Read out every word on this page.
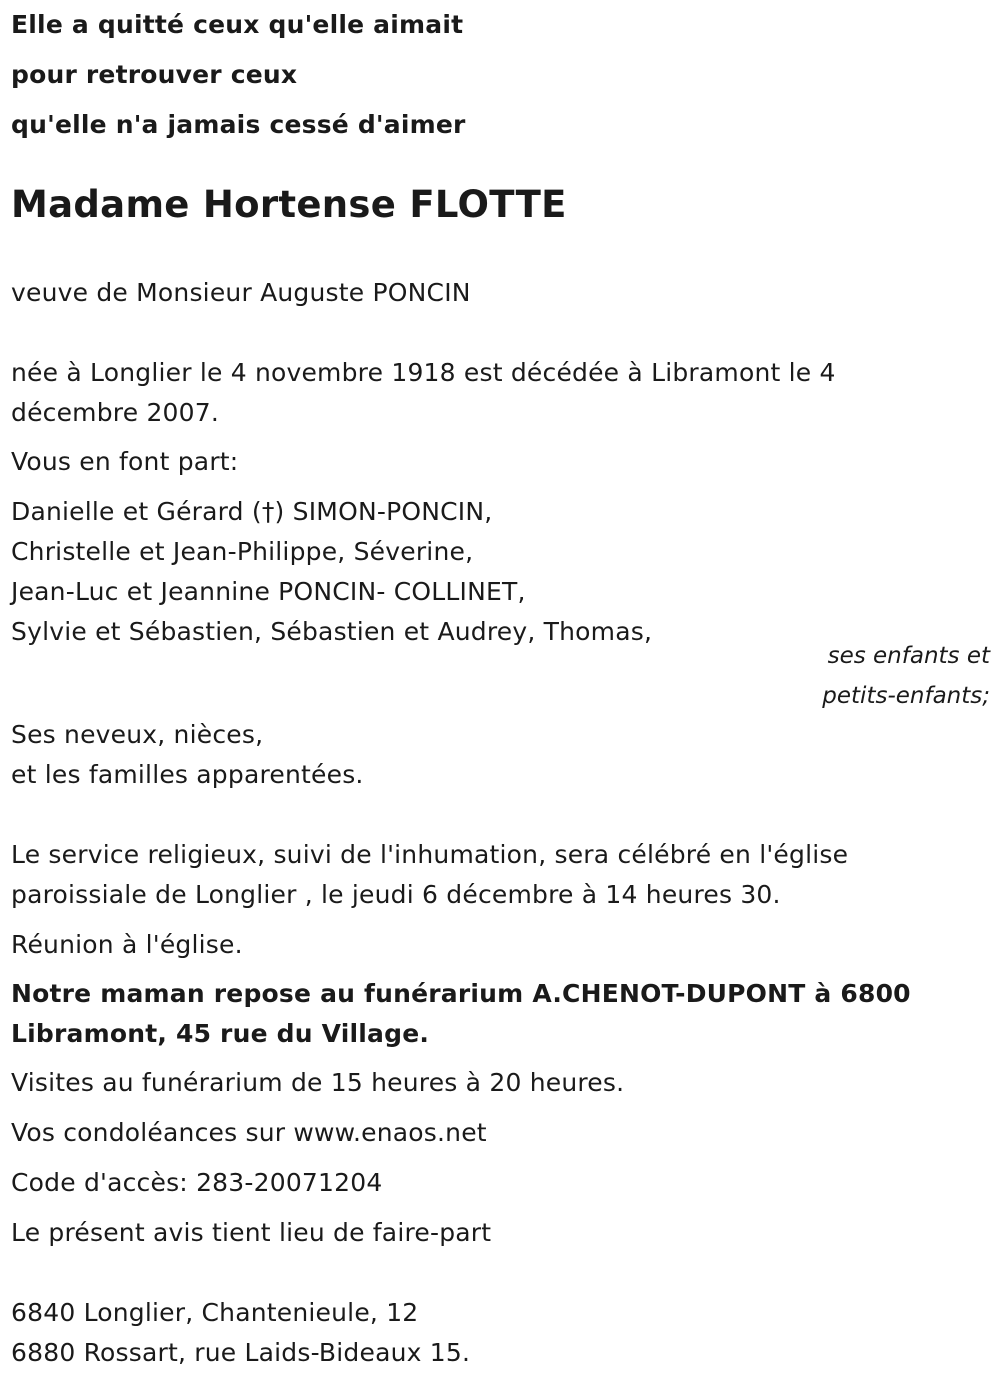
Elle a quitté ceux qu'elle aimait
pour retrouver ceux
qu'elle n'a jamais cessé d'aimer
Madame Hortense FLOTTE
veuve de Monsieur Auguste PONCIN
née à Longlier le 4 novembre 1918 est décédée à Libramont le 4
décembre 2007.
Vous en font part:
Danielle et Gérard (†) SIMON-PONCIN,
Christelle et Jean-Philippe, Séverine,
Jean-Luc et Jeannine PONCIN- COLLINET,
Sylvie et Sébastien, Sébastien et Audrey, Thomas,
ses enfants et
petits-enfants;
Ses neveux, nièces,
et les familles apparentées.
Le service religieux, suivi de l'inhumation, sera célébré en l'église
paroissiale de Longlier , le jeudi 6 décembre à 14 heures 30.
Réunion à l'église.
Notre maman repose au funérarium A.CHENOT-DUPONT à 6800
Libramont, 45 rue du Village.
Visites au funérarium de 15 heures à 20 heures.
Vos condoléances sur www.enaos.net
Code d'accès: 283-20071204
Le présent avis tient lieu de faire-part
6840 Longlier, Chantenieule, 12
6880 Rossart, rue Laids-Bideaux 15.
